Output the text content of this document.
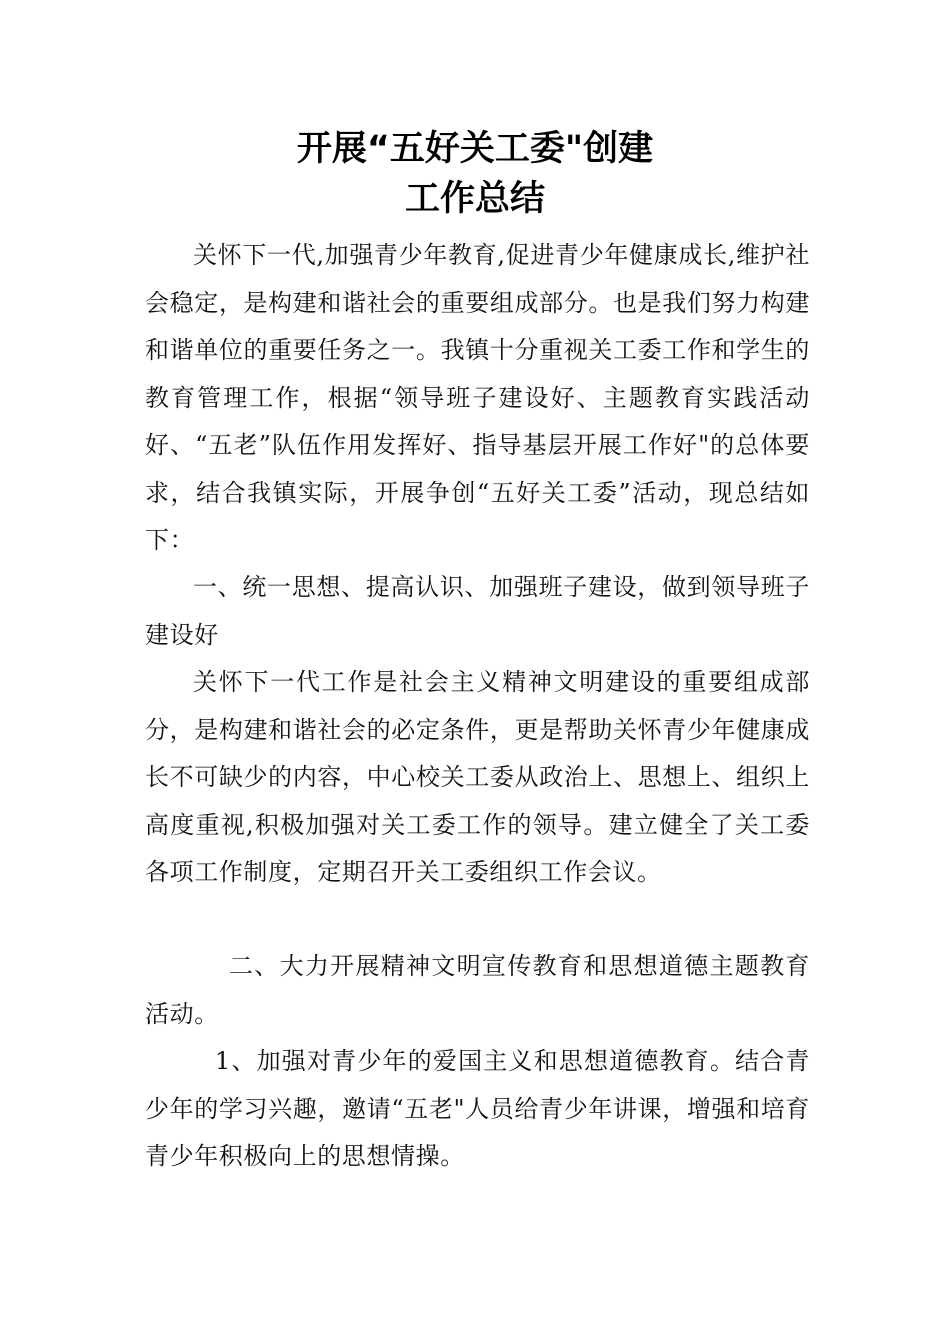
开展“五好关工委"创建
工作总结

关怀下一代,加强青少年教育,促进青少年健康成长,维护社会稳定，是构建和谐社会的重要组成部分。也是我们努力构建和谐单位的重要任务之一。我镇十分重视关工委工作和学生的教育管理工作，根据“领导班子建设好、主题教育实践活动好、“五老”队伍作用发挥好、指导基层开展工作好"的总体要求，结合我镇实际，开展争创“五好关工委”活动，现总结如下：

一、统一思想、提高认识、加强班子建设，做到领导班子建设好

关怀下一代工作是社会主义精神文明建设的重要组成部分，是构建和谐社会的必定条件，更是帮助关怀青少年健康成长不可缺少的内容，中心校关工委从政治上、思想上、组织上高度重视,积极加强对关工委工作的领导。建立健全了关工委各项工作制度，定期召开关工委组织工作会议。

二、大力开展精神文明宣传教育和思想道德主题教育活动。

1、加强对青少年的爱国主义和思想道德教育。结合青少年的学习兴趣，邀请“五老"人员给青少年讲课，增强和培育青少年积极向上的思想情操。
